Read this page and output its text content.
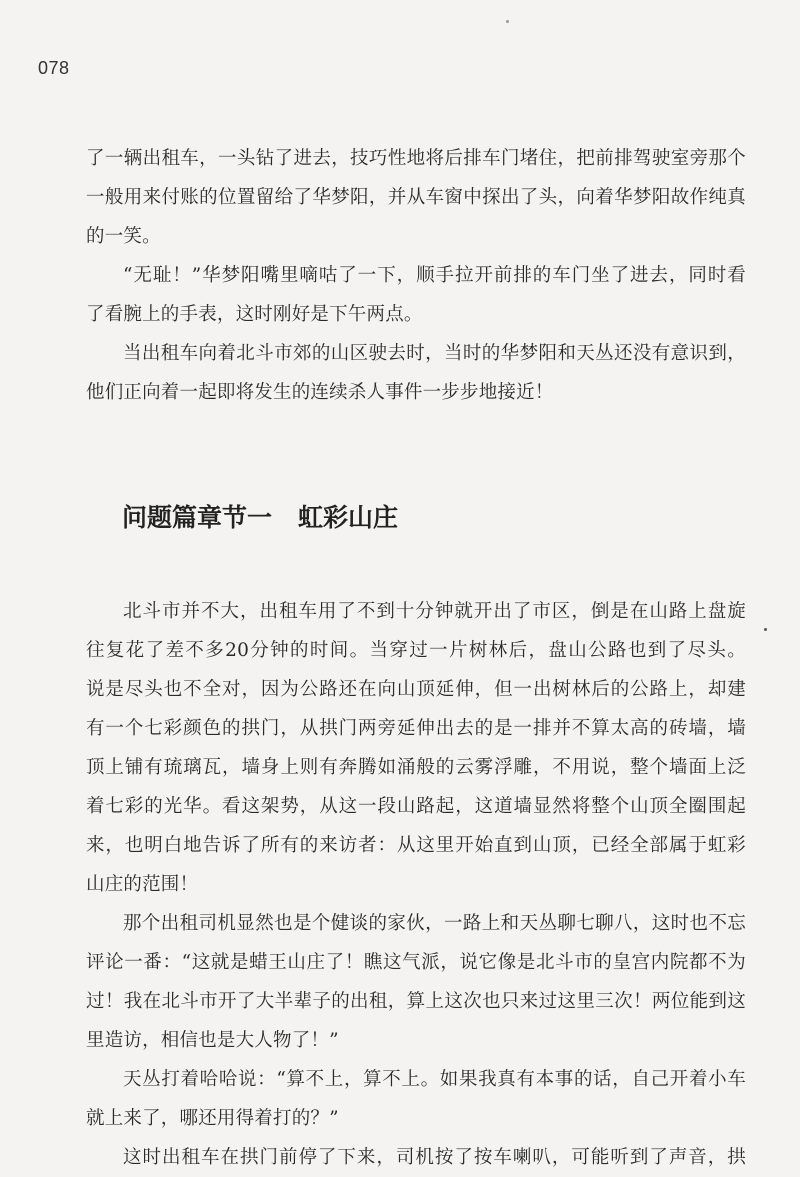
078
了一辆出租车，一头钻了进去，技巧性地将后排车门堵住，把前排驾驶室旁那个
一般用来付账的位置留给了华梦阳，并从车窗中探出了头，向着华梦阳故作纯真
的一笑。
“无耻！”华梦阳嘴里嘀咕了一下，顺手拉开前排的车门坐了进去，同时看
了看腕上的手表，这时刚好是下午两点。
当出租车向着北斗市郊的山区驶去时，当时的华梦阳和天丛还没有意识到，
他们正向着一起即将发生的连续杀人事件一步步地接近！
问题篇章节一 虹彩山庄
北斗市并不大，出租车用了不到十分钟就开出了市区，倒是在山路上盘旋
往复花了差不多20分钟的时间。当穿过一片树林后，盘山公路也到了尽头。
说是尽头也不全对，因为公路还在向山顶延伸，但一出树林后的公路上，却建
有一个七彩颜色的拱门，从拱门两旁延伸出去的是一排并不算太高的砖墙，墙
顶上铺有琉璃瓦，墙身上则有奔腾如涌般的云雾浮雕，不用说，整个墙面上泛
着七彩的光华。看这架势，从这一段山路起，这道墙显然将整个山顶全圈围起
来，也明白地告诉了所有的来访者：从这里开始直到山顶，已经全部属于虹彩
山庄的范围！
那个出租司机显然也是个健谈的家伙，一路上和天丛聊七聊八，这时也不忘
评论一番：“这就是蜡王山庄了！瞧这气派，说它像是北斗市的皇宫内院都不为
过！我在北斗市开了大半辈子的出租，算上这次也只来过这里三次！两位能到这
里造访，相信也是大人物了！”
天丛打着哈哈说：“算不上，算不上。如果我真有本事的话，自己开着小车
就上来了，哪还用得着打的？”
这时出租车在拱门前停了下来，司机按了按车喇叭，可能听到了声音，拱
